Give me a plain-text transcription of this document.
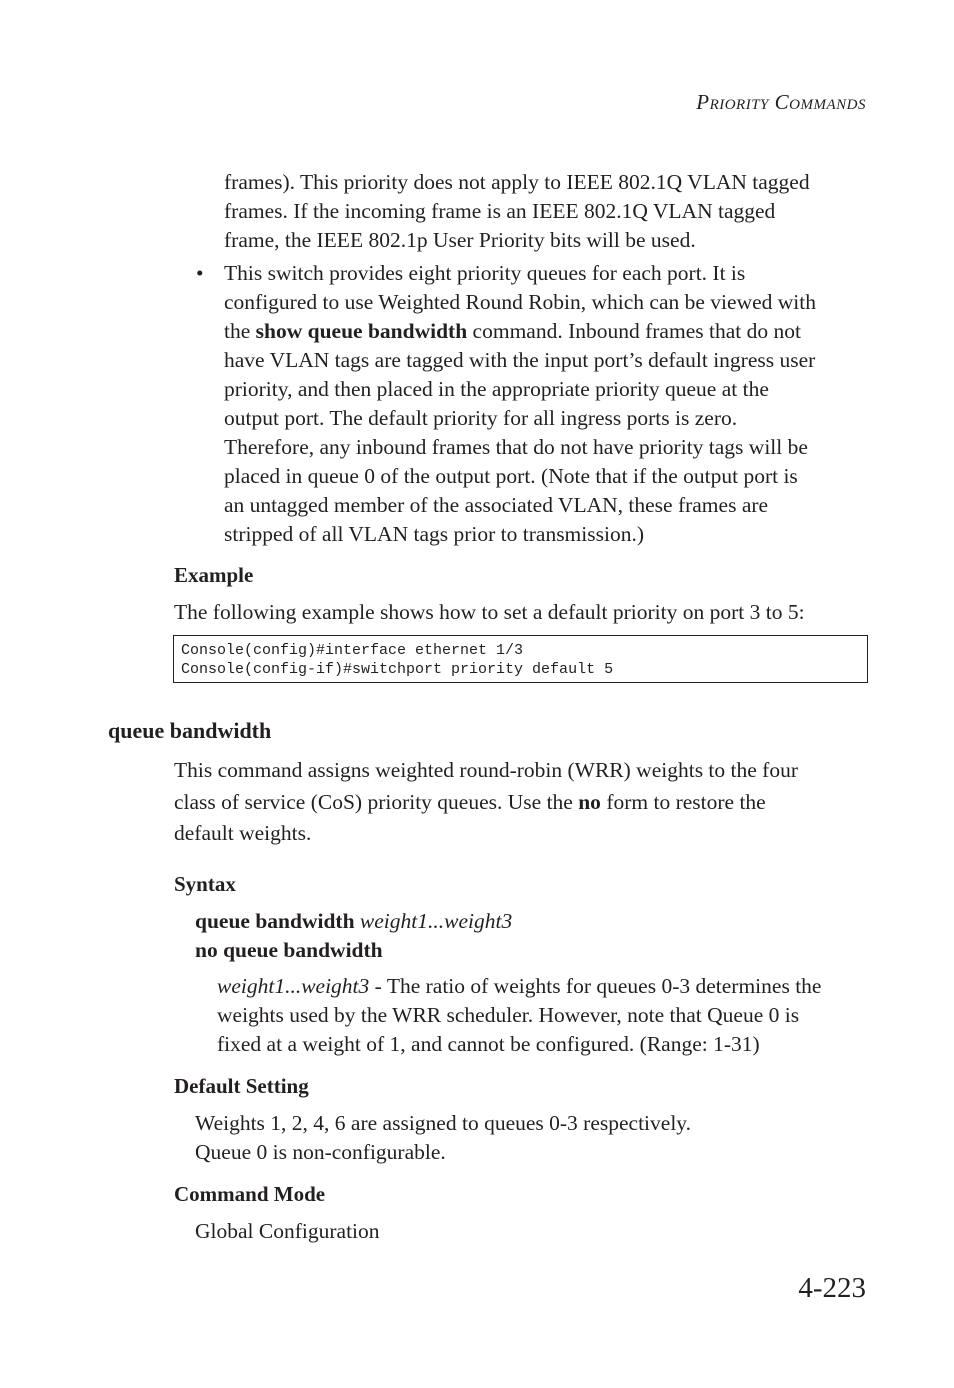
PRIORITY COMMANDS
frames). This priority does not apply to IEEE 802.1Q VLAN tagged
frames. If the incoming frame is an IEEE 802.1Q VLAN tagged
frame, the IEEE 802.1p User Priority bits will be used.
• This switch provides eight priority queues for each port. It is
configured to use Weighted Round Robin, which can be viewed with
the show queue bandwidth command. Inbound frames that do not
have VLAN tags are tagged with the input port’s default ingress user
priority, and then placed in the appropriate priority queue at the
output port. The default priority for all ingress ports is zero.
Therefore, any inbound frames that do not have priority tags will be
placed in queue 0 of the output port. (Note that if the output port is
an untagged member of the associated VLAN, these frames are
stripped of all VLAN tags prior to transmission.)
Example
The following example shows how to set a default priority on port 3 to 5:
Console(config)#interface ethernet 1/3
Console(config-if)#switchport priority default 5
queue bandwidth
This command assigns weighted round-robin (WRR) weights to the four
class of service (CoS) priority queues. Use the no form to restore the
default weights.
Syntax
queue bandwidth weight1...weight3
no queue bandwidth
weight1...weight3 - The ratio of weights for queues 0-3 determines the
weights used by the WRR scheduler. However, note that Queue 0 is
fixed at a weight of 1, and cannot be configured. (Range: 1-31)
Default Setting
Weights 1, 2, 4, 6 are assigned to queues 0-3 respectively.
Queue 0 is non-configurable.
Command Mode
Global Configuration
4-223
